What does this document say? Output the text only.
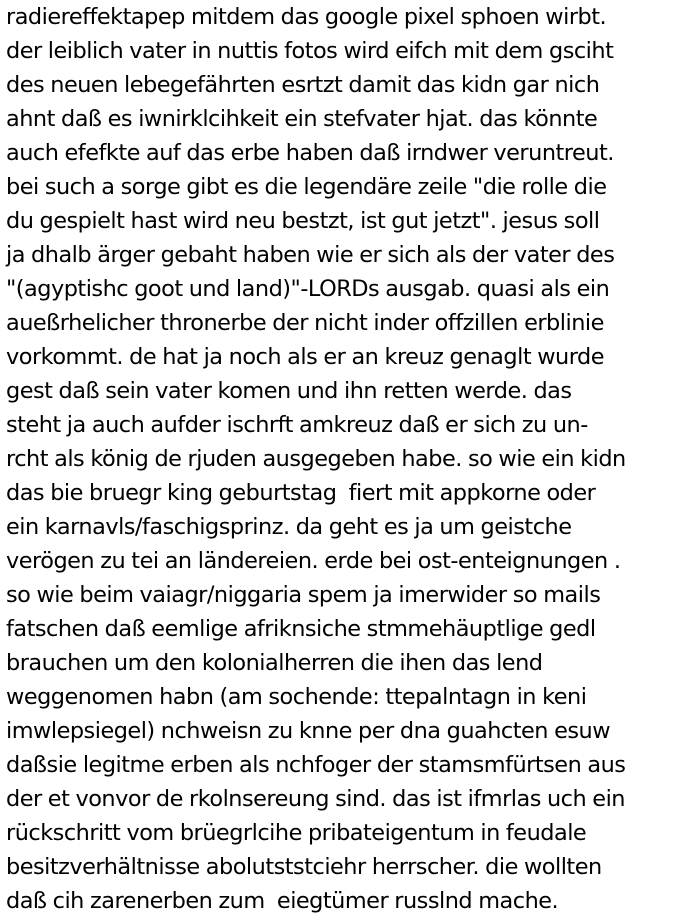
radiereffektapep mitdem das google pixel sphoen wirbt.
der leiblich vater in nuttis fotos wird eifch mit dem gsciht
des neuen lebegefährten esrtzt damit das kidn gar nich
ahnt daß es iwnirklcihkeit ein stefvater hjat. das könnte
auch efefkte auf das erbe haben daß irndwer veruntreut.
bei such a sorge gibt es die legendäre zeile "die rolle die
du gespielt hast wird neu bestzt, ist gut jetzt". jesus soll
ja dhalb ärger gebaht haben wie er sich als der vater des
"(agyptishc goot und land)"-LORDs ausgab. quasi als ein
aueßrhelicher thronerbe der nicht inder offzillen erblinie
vorkommt. de hat ja noch als er an kreuz genaglt wurde
gest daß sein vater komen und ihn retten werde. das
steht ja auch aufder ischrft amkreuz daß er sich zu un-
rcht als könig de rjuden ausgegeben habe. so wie ein kidn
das bie bruegr king geburtstag  fiert mit appkorne oder
ein karnavls/faschigsprinz. da geht es ja um geistche
verögen zu tei an ländereien. erde bei ost-enteignungen .
so wie beim vaiagr/niggaria spem ja imerwider so mails
fatschen daß eemlige afriknsiche stmmehäuptlige gedl
brauchen um den kolonialherren die ihen das lend
weggenomen habn (am sochende: ttepalntagn in keni
imwlepsiegel) nchweisn zu knne per dna guahcten esuw
daßsie legitme erben als nchfoger der stamsmfürtsen aus
der et vonvor de rkolnsereung sind. das ist ifmrlas uch ein
rückschritt vom brüegrlcihe pribateigentum in feudale
besitzverhältnisse abolutststciehr herrscher. die wollten
daß cih zarenerben zum  eiegtümer russlnd mache.
